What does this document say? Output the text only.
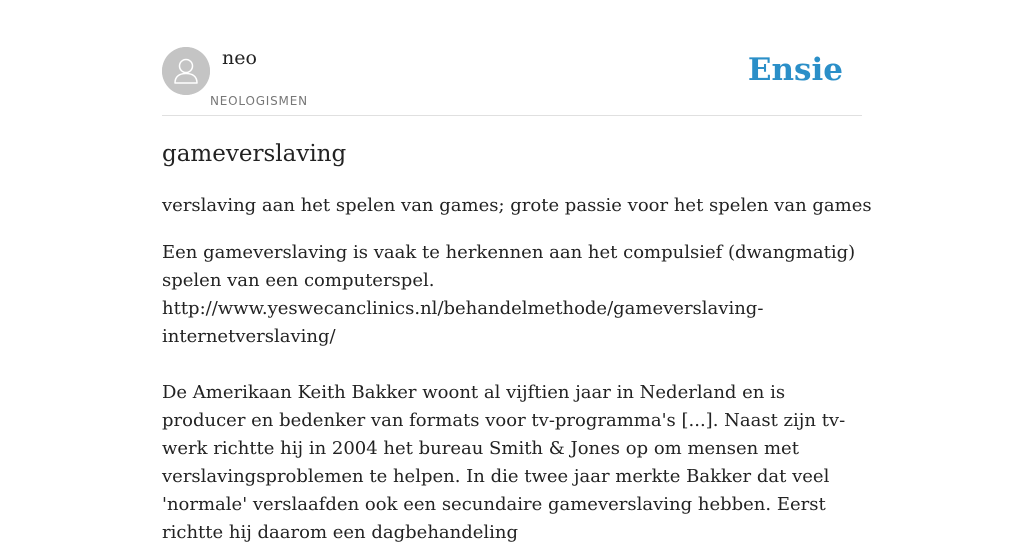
neo
NEOLOGISMEN
Ensie
gameverslaving

verslaving aan het spelen van games; grote passie voor het spelen van games

Een gameverslaving is vaak te herkennen aan het compulsief (dwangmatig) spelen van een computerspel.

http://www.yeswecanclinics.nl/behandelmethode/gameverslaving-internetverslaving/

De Amerikaan Keith Bakker woont al vijftien jaar in Nederland en is producer en bedenker van formats voor tv-programma's [...]. Naast zijn tv-werk richtte hij in 2004 het bureau Smith & Jones op om mensen met verslavingsproblemen te helpen. In die twee jaar merkte Bakker dat veel 'normale' verslaafden ook een secundaire gameverslaving hebben. Eerst richtte hij daarom een dagbehandeling
